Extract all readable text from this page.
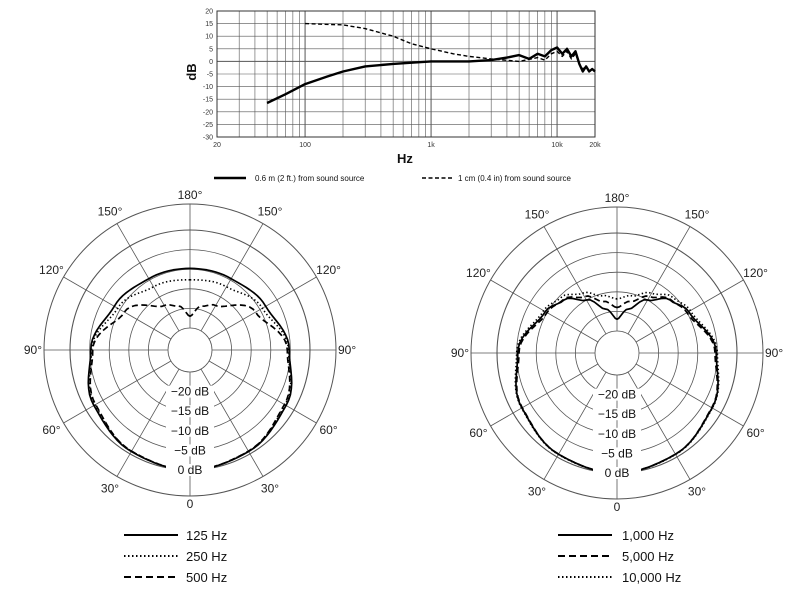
20
15
10
5
0
-5
-10
-15
-20
-25
-30
20	100	1k	10k	20k
Hz
dB
0.6 m (2 ft.) from sound source	1 cm (0.4 in) from sound source
0
30°
60°
90°
120°
150°
180°
150°
120°
90°
60°
30°
−20 dB
−15 dB
−10 dB
−5 dB
0 dB
125 Hz
250 Hz
500 Hz
0
30°
60°
90°
120°
150°
180°
150°
120°
90°
60°
30°
−20 dB
−15 dB
−10 dB
−5 dB
0 dB
1,000 Hz
5,000 Hz
10,000 Hz
